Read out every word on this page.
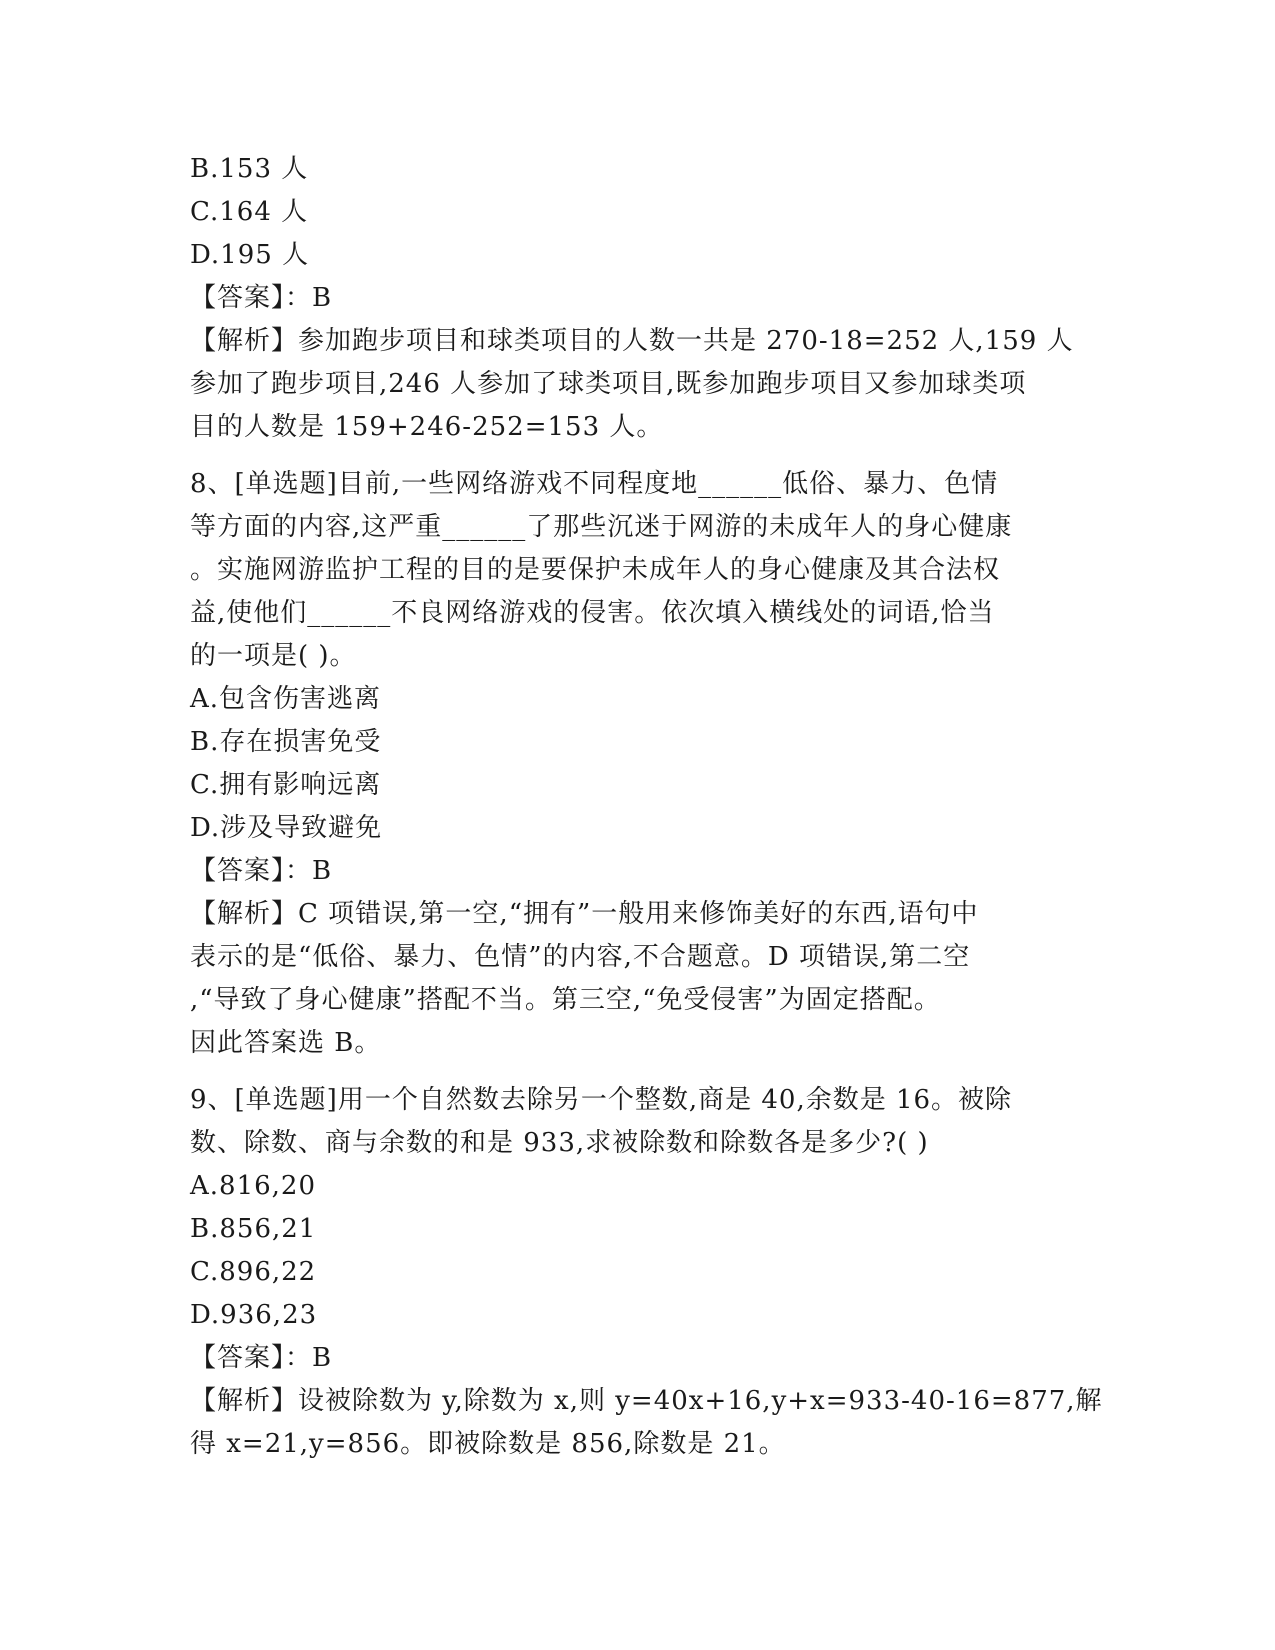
B.153 人
C.164 人
D.195 人
【答案】：B
【解析】参加跑步项目和球类项目的人数一共是 270-18=252 人,159 人
参加了跑步项目,246 人参加了球类项目,既参加跑步项目又参加球类项
目的人数是 159+246-252=153 人。
8、[单选题]目前,一些网络游戏不同程度地______低俗、暴力、色情
等方面的内容,这严重______了那些沉迷于网游的未成年人的身心健康
。实施网游监护工程的目的是要保护未成年人的身心健康及其合法权
益,使他们______不良网络游戏的侵害。依次填入横线处的词语,恰当
的一项是( )。
A.包含伤害逃离
B.存在损害免受
C.拥有影响远离
D.涉及导致避免
【答案】：B
【解析】C 项错误,第一空,“拥有”一般用来修饰美好的东西,语句中
表示的是“低俗、暴力、色情”的内容,不合题意。D 项错误,第二空
,“导致了身心健康”搭配不当。第三空,“免受侵害”为固定搭配。
因此答案选 B。
9、[单选题]用一个自然数去除另一个整数,商是 40,余数是 16。被除
数、除数、商与余数的和是 933,求被除数和除数各是多少?( )
A.816,20
B.856,21
C.896,22
D.936,23
【答案】：B
【解析】设被除数为 y,除数为 x,则 y=40x+16,y+x=933-40-16=877,解
得 x=21,y=856。即被除数是 856,除数是 21。
